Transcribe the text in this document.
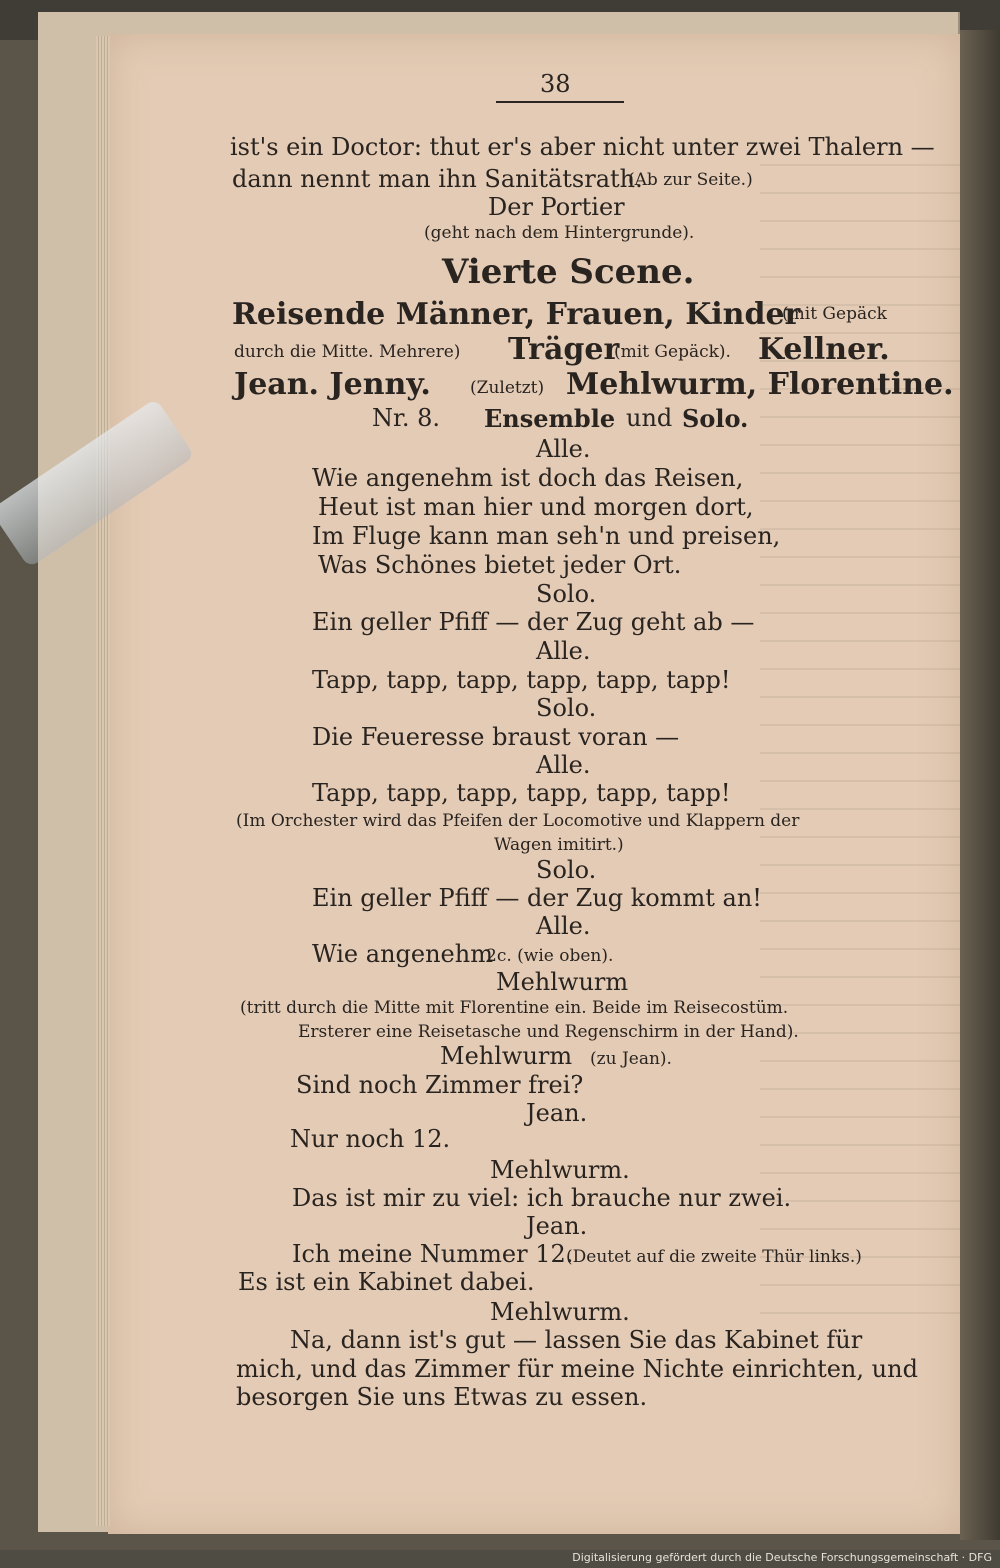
38
ist's ein Doctor: thut er's aber nicht unter zwei Thalern —
dann nennt man ihn Sanitätsrath.
(Ab zur Seite.)
Der Portier
(geht nach dem Hintergrunde).
Vierte Scene.
Reisende Männer, Frauen, Kinder
(mit Gepäck
durch die Mitte. Mehrere) Träger
(mit Gepäck). Kellner.
Jean. Jenny. (Zuletzt) Mehlwurm, Florentine.
Nr. 8. Ensemble und Solo.
Alle.
Wie angenehm ist doch das Reisen,
Heut ist man hier und morgen dort,
Im Fluge kann man seh'n und preisen,
Was Schönes bietet jeder Ort.
Solo.
Ein geller Pfiff — der Zug geht ab —
Alle.
Tapp, tapp, tapp, tapp, tapp, tapp!
Solo.
Die Feueresse braust voran —
Alle.
Tapp, tapp, tapp, tapp, tapp, tapp!
(Im Orchester wird das Pfeifen der Locomotive und Klappern der
Wagen imitirt.)
Solo.
Ein geller Pfiff — der Zug kommt an!
Alle.
Wie angenehm
2c. (wie oben).
Mehlwurm
(tritt durch die Mitte mit Florentine ein. Beide im Reisecostüm.
Ersterer eine Reisetasche und Regenschirm in der Hand).
Mehlwurm (zu Jean).
Sind noch Zimmer frei?
Jean.
Nur noch 12.
Mehlwurm.
Das ist mir zu viel: ich brauche nur zwei.
Jean.
Ich meine Nummer 12.
(Deutet auf die zweite Thür links.)
Es ist ein Kabinet dabei.
Mehlwurm.
Na, dann ist's gut — lassen Sie das Kabinet für
mich, und das Zimmer für meine Nichte einrichten, und
besorgen Sie uns Etwas zu essen.
Digitalisierung gefördert durch die Deutsche Forschungsgemeinschaft · DFG
